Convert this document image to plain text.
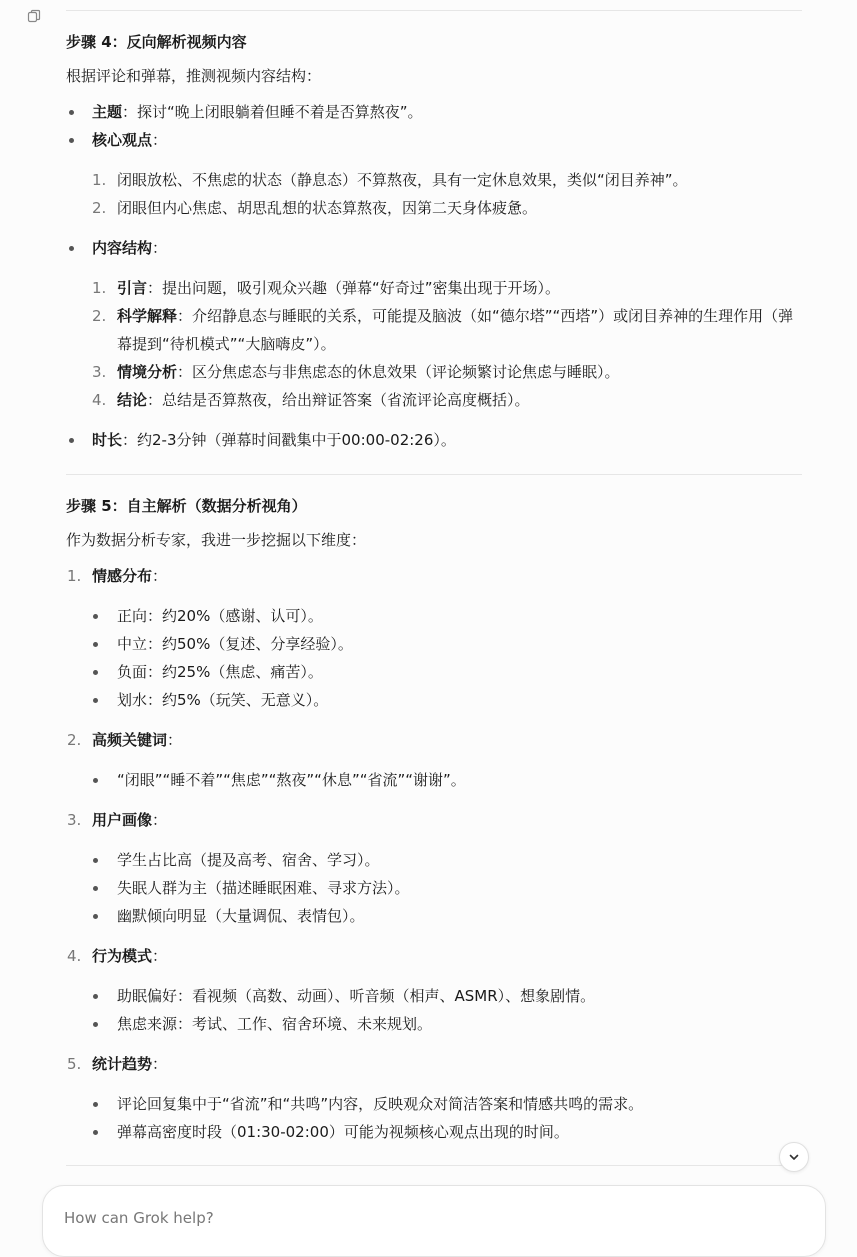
步骤 4：反向解析视频内容
根据评论和弹幕，推测视频内容结构：
主题：探讨“晚上闭眼躺着但睡不着是否算熬夜”。
核心观点：
1. 闭眼放松、不焦虑的状态（静息态）不算熬夜，具有一定休息效果，类似“闭目养神”。
2. 闭眼但内心焦虑、胡思乱想的状态算熬夜，因第二天身体疲惫。
内容结构：
1. 引言：提出问题，吸引观众兴趣（弹幕“好奇过”密集出现于开场）。
2. 科学解释：介绍静息态与睡眠的关系，可能提及脑波（如“德尔塔”“西塔”）或闭目养神的生理作用（弹幕提到“待机模式”“大脑嗨皮”）。
3. 情境分析：区分焦虑态与非焦虑态的休息效果（评论频繁讨论焦虑与睡眠）。
4. 结论：总结是否算熬夜，给出辩证答案（省流评论高度概括）。
时长：约2-3分钟（弹幕时间戳集中于00:00-02:26）。
步骤 5：自主解析（数据分析视角）
作为数据分析专家，我进一步挖掘以下维度：
1. 情感分布：
正向：约20%（感谢、认可）。
中立：约50%（复述、分享经验）。
负面：约25%（焦虑、痛苦）。
划水：约5%（玩笑、无意义）。
2. 高频关键词：
“闭眼”“睡不着”“焦虑”“熬夜”“休息”“省流”“谢谢”。
3. 用户画像：
学生占比高（提及高考、宿舍、学习）。
失眠人群为主（描述睡眠困难、寻求方法）。
幽默倾向明显（大量调侃、表情包）。
4. 行为模式：
助眠偏好：看视频（高数、动画）、听音频（相声、ASMR）、想象剧情。
焦虑来源：考试、工作、宿舍环境、未来规划。
5. 统计趋势：
评论回复集中于“省流”和“共鸣”内容，反映观众对简洁答案和情感共鸣的需求。
弹幕高密度时段（01:30-02:00）可能为视频核心观点出现的时间。
How can Grok help?
